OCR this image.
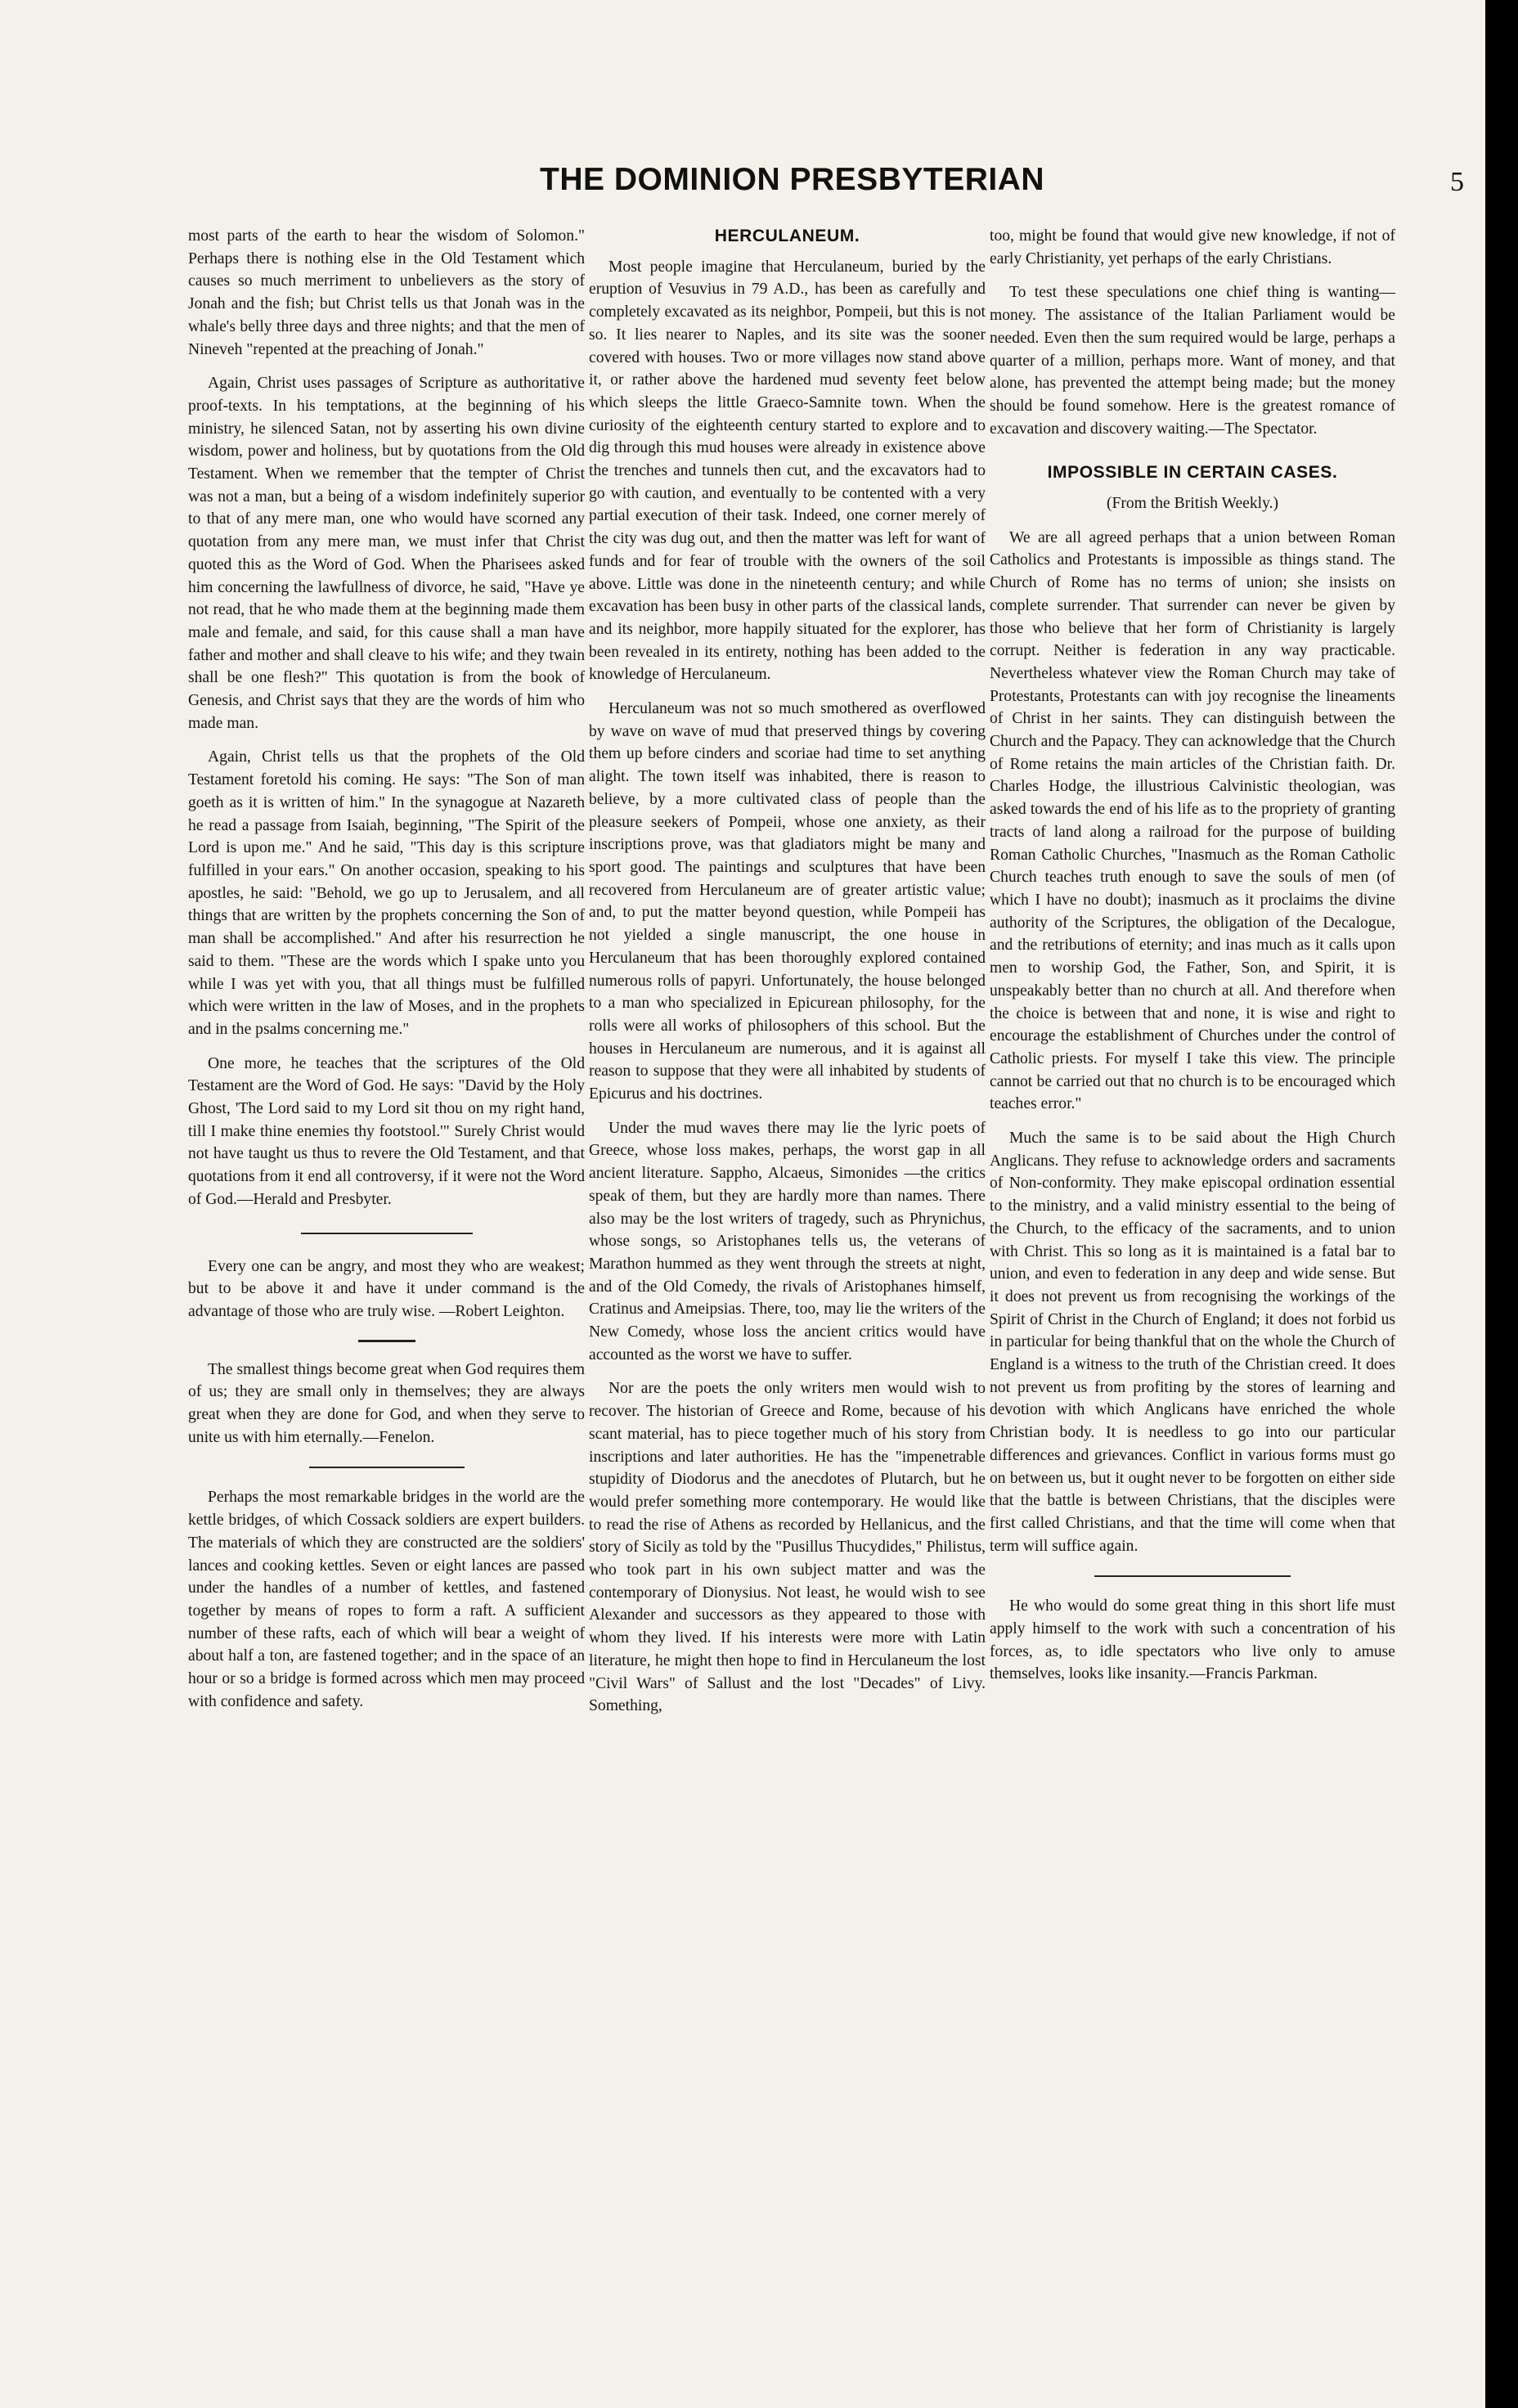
THE DOMINION PRESBYTERIAN	5

most parts of the earth to hear the wisdom of Solomon." Perhaps there is nothing else in the Old Testament which causes so much merriment to unbelievers as the story of Jonah and the fish; but Christ tells us that Jonah was in the whale's belly three days and three nights; and that the men of Nineveh "repented at the preaching of Jonah."

Again, Christ uses passages of Scripture as authoritative proof-texts. In his temptations, at the beginning of his ministry, he silenced Satan, not by asserting his own divine wisdom, power and holiness, but by quotations from the Old Testament. When we remember that the tempter of Christ was not a man, but a being of a wisdom indefinitely superior to that of any mere man, one who would have scorned any quotation from any mere man, we must infer that Christ quoted this as the Word of God. When the Pharisees asked him concerning the lawfullness of divorce, he said, "Have ye not read, that he who made them at the beginning made them male and female, and said, for this cause shall a man have father and mother and shall cleave to his wife; and they twain shall be one flesh?" This quotation is from the book of Genesis, and Christ says that they are the words of him who made man.

Again, Christ tells us that the prophets of the Old Testament foretold his coming. He says: "The Son of man goeth as it is written of him." In the synagogue at Nazareth he read a passage from Isaiah, beginning, "The Spirit of the Lord is upon me." And he said, "This day is this scripture fulfilled in your ears." On another occasion, speaking to his apostles, he said: "Behold, we go up to Jerusalem, and all things that are written by the prophets concerning the Son of man shall be accomplished." And after his resurrection he said to them. "These are the words which I spake unto you while I was yet with you, that all things must be fulfilled which were written in the law of Moses, and in the prophets and in the psalms concerning me."

One more, he teaches that the scriptures of the Old Testament are the Word of God. He says: "David by the Holy Ghost, 'The Lord said to my Lord sit thou on my right hand, till I make thine enemies thy footstool.'" Surely Christ would not have taught us thus to revere the Old Testament, and that quotations from it end all controversy, if it were not the Word of God.—Herald and Presbyter.

Every one can be angry, and most they who are weakest; but to be above it and have it under command is the advantage of those who are truly wise. —Robert Leighton.

The smallest things become great when God requires them of us; they are small only in themselves; they are always great when they are done for God, and when they serve to unite us with him eternally.—Fenelon.

Perhaps the most remarkable bridges in the world are the kettle bridges, of which Cossack soldiers are expert builders. The materials of which they are constructed are the soldiers' lances and cooking kettles. Seven or eight lances are passed under the handles of a number of kettles, and fastened together by means of ropes to form a raft. A sufficient number of these rafts, each of which will bear a weight of about half a ton, are fastened together; and in the space of an hour or so a bridge is formed across which men may proceed with confidence and safety.

HERCULANEUM.

Most people imagine that Herculaneum, buried by the eruption of Vesuvius in 79 A.D., has been as carefully and completely excavated as its neighbor, Pompeii, but this is not so. It lies nearer to Naples, and its site was the sooner covered with houses. Two or more villages now stand above it, or rather above the hardened mud seventy feet below which sleeps the little Graeco-Samnite town. When the curiosity of the eighteenth century started to explore and to dig through this mud houses were already in existence above the trenches and tunnels then cut, and the excavators had to go with caution, and eventually to be contented with a very partial execution of their task. Indeed, one corner merely of the city was dug out, and then the matter was left for want of funds and for fear of trouble with the owners of the soil above. Little was done in the nineteenth century; and while excavation has been busy in other parts of the classical lands, and its neighbor, more happily situated for the explorer, has been revealed in its entirety, nothing has been added to the knowledge of Herculaneum.

Herculaneum was not so much smothered as overflowed by wave on wave of mud that preserved things by covering them up before cinders and scoriae had time to set anything alight. The town itself was inhabited, there is reason to believe, by a more cultivated class of people than the pleasure seekers of Pompeii, whose one anxiety, as their inscriptions prove, was that gladiators might be many and sport good. The paintings and sculptures that have been recovered from Herculaneum are of greater artistic value; and, to put the matter beyond question, while Pompeii has not yielded a single manuscript, the one house in Herculaneum that has been thoroughly explored contained numerous rolls of papyri. Unfortunately, the house belonged to a man who specialized in Epicurean philosophy, for the rolls were all works of philosophers of this school. But the houses in Herculaneum are numerous, and it is against all reason to suppose that they were all inhabited by students of Epicurus and his doctrines.

Under the mud waves there may lie the lyric poets of Greece, whose loss makes, perhaps, the worst gap in all ancient literature. Sappho, Alcaeus, Simonides —the critics speak of them, but they are hardly more than names. There also may be the lost writers of tragedy, such as Phrynichus, whose songs, so Aristophanes tells us, the veterans of Marathon hummed as they went through the streets at night, and of the Old Comedy, the rivals of Aristophanes himself, Cratinus and Ameipsias. There, too, may lie the writers of the New Comedy, whose loss the ancient critics would have accounted as the worst we have to suffer.

Nor are the poets the only writers men would wish to recover. The historian of Greece and Rome, because of his scant material, has to piece together much of his story from inscriptions and later authorities. He has the "impenetrable stupidity of Diodorus and the anecdotes of Plutarch, but he would prefer something more contemporary. He would like to read the rise of Athens as recorded by Hellanicus, and the story of Sicily as told by the "Pusillus Thucydides," Philistus, who took part in his own subject matter and was the contemporary of Dionysius. Not least, he would wish to see Alexander and successors as they appeared to those with whom they lived. If his interests were more with Latin literature, he might then hope to find in Herculaneum the lost "Civil Wars" of Sallust and the lost "Decades" of Livy. Something,

too, might be found that would give new knowledge, if not of early Christianity, yet perhaps of the early Christians.

To test these speculations one chief thing is wanting—money. The assistance of the Italian Parliament would be needed. Even then the sum required would be large, perhaps a quarter of a million, perhaps more. Want of money, and that alone, has prevented the attempt being made; but the money should be found somehow. Here is the greatest romance of excavation and discovery waiting.—The Spectator.

IMPOSSIBLE IN CERTAIN CASES.

(From the British Weekly.)

We are all agreed perhaps that a union between Roman Catholics and Protestants is impossible as things stand. The Church of Rome has no terms of union; she insists on complete surrender. That surrender can never be given by those who believe that her form of Christianity is largely corrupt. Neither is federation in any way practicable. Nevertheless whatever view the Roman Church may take of Protestants, Protestants can with joy recognise the lineaments of Christ in her saints. They can distinguish between the Church and the Papacy. They can acknowledge that the Church of Rome retains the main articles of the Christian faith. Dr. Charles Hodge, the illustrious Calvinistic theologian, was asked towards the end of his life as to the propriety of granting tracts of land along a railroad for the purpose of building Roman Catholic Churches, "Inasmuch as the Roman Catholic Church teaches truth enough to save the souls of men (of which I have no doubt); inasmuch as it proclaims the divine authority of the Scriptures, the obligation of the Decalogue, and the retributions of eternity; and inas much as it calls upon men to worship God, the Father, Son, and Spirit, it is unspeakably better than no church at all. And therefore when the choice is between that and none, it is wise and right to encourage the establishment of Churches under the control of Catholic priests. For myself I take this view. The principle cannot be carried out that no church is to be encouraged which teaches error."

Much the same is to be said about the High Church Anglicans. They refuse to acknowledge orders and sacraments of Non-conformity. They make episcopal ordination essential to the ministry, and a valid ministry essential to the being of the Church, to the efficacy of the sacraments, and to union with Christ. This so long as it is maintained is a fatal bar to union, and even to federation in any deep and wide sense. But it does not prevent us from recognising the workings of the Spirit of Christ in the Church of England; it does not forbid us in particular for being thankful that on the whole the Church of England is a witness to the truth of the Christian creed. It does not prevent us from profiting by the stores of learning and devotion with which Anglicans have enriched the whole Christian body. It is needless to go into our particular differences and grievances. Conflict in various forms must go on between us, but it ought never to be forgotten on either side that the battle is between Christians, that the disciples were first called Christians, and that the time will come when that term will suffice again.

He who would do some great thing in this short life must apply himself to the work with such a concentration of his forces, as, to idle spectators who live only to amuse themselves, looks like insanity.—Francis Parkman.
